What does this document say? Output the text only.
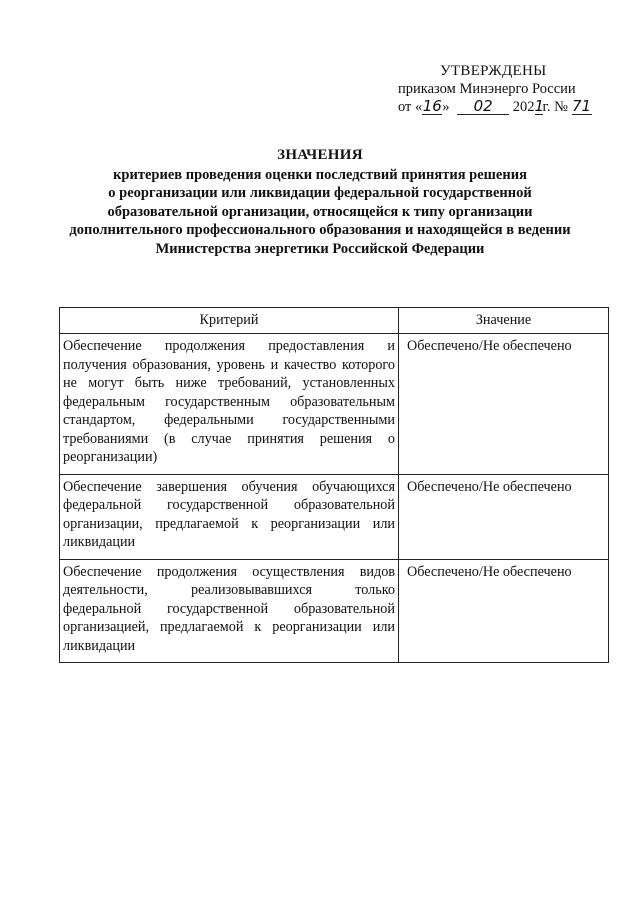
УТВЕРЖДЕНЫ
приказом Минэнерго России
от «16» 02 2021г. № 71
ЗНАЧЕНИЯ
критериев проведения оценки последствий принятия решения
о реорганизации или ликвидации федеральной государственной
образовательной организации, относящейся к типу организации
дополнительного профессионального образования и находящейся в ведении
Министерства энергетики Российской Федерации
Критерий	Значение
Обеспечение продолжения предоставления и получения образования, уровень и качество которого не могут быть ниже требований, установленных федеральным государственным образовательным стандартом, федеральными государственными требованиями (в случае принятия решения о реорганизации)	Обеспечено/Не обеспечено
Обеспечение завершения обучения обучающихся федеральной государственной образовательной организации, предлагаемой к реорганизации или ликвидации	Обеспечено/Не обеспечено
Обеспечение продолжения осуществления видов деятельности, реализовывавшихся только федеральной государственной образовательной организацией, предлагаемой к реорганизации или ликвидации	Обеспечено/Не обеспечено
